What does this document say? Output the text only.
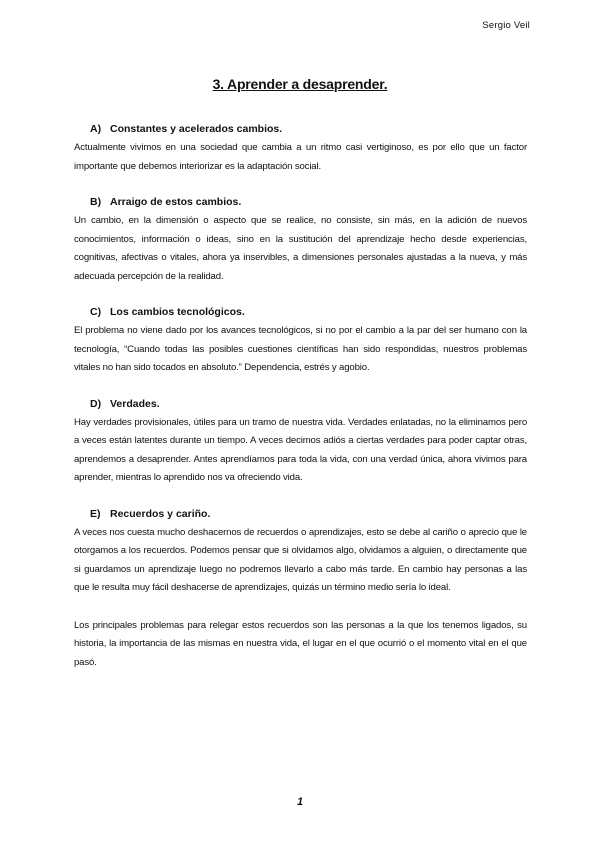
Sergio Veil
3. Aprender a desaprender.
A) Constantes y acelerados cambios.

Actualmente vivimos en una sociedad que cambia a un ritmo casi vertiginoso, es por ello que un factor importante que debemos interiorizar es la adaptación social.

B) Arraigo de estos cambios.

Un cambio, en la dimensión o aspecto que se realice, no consiste, sin más, en la adición de nuevos conocimientos, información o ideas, sino en la sustitución del aprendizaje hecho desde experiencias, cognitivas, afectivas o vitales, ahora ya inservibles, a dimensiones personales ajustadas a la nueva, y más adecuada percepción de la realidad.

C) Los cambios tecnológicos.

El problema no viene dado por los avances tecnológicos, si no por el cambio a la par del ser humano con la tecnología, “Cuando todas las posibles cuestiones científicas han sido respondidas, nuestros problemas vitales no han sido tocados en absoluto.” Dependencia, estrés y agobio.

D) Verdades.

Hay verdades provisionales, útiles para un tramo de nuestra vida. Verdades enlatadas, no la eliminamos pero a veces están latentes durante un tiempo. A veces decimos adiós a ciertas verdades para poder captar otras, aprendemos a desaprender. Antes aprendíamos para toda la vida, con una verdad única, ahora vivimos para aprender, mientras lo aprendido nos va ofreciendo vida.

E) Recuerdos y cariño.

A veces nos cuesta mucho deshacernos de recuerdos o aprendizajes, esto se debe al cariño o aprecio que le otorgamos a los recuerdos. Podemos pensar que si olvidamos algo, olvidamos a alguien, o directamente que si guardamos un aprendizaje luego no podremos llevarlo a cabo más tarde. En cambio hay personas a las que le resulta muy fácil deshacerse de aprendizajes, quizás un término medio sería lo ideal.

Los principales problemas para relegar estos recuerdos son las personas a la que los tenemos ligados, su historia, la importancia de las mismas en nuestra vida, el lugar en el que ocurrió o el momento vital en el que pasó.

1
